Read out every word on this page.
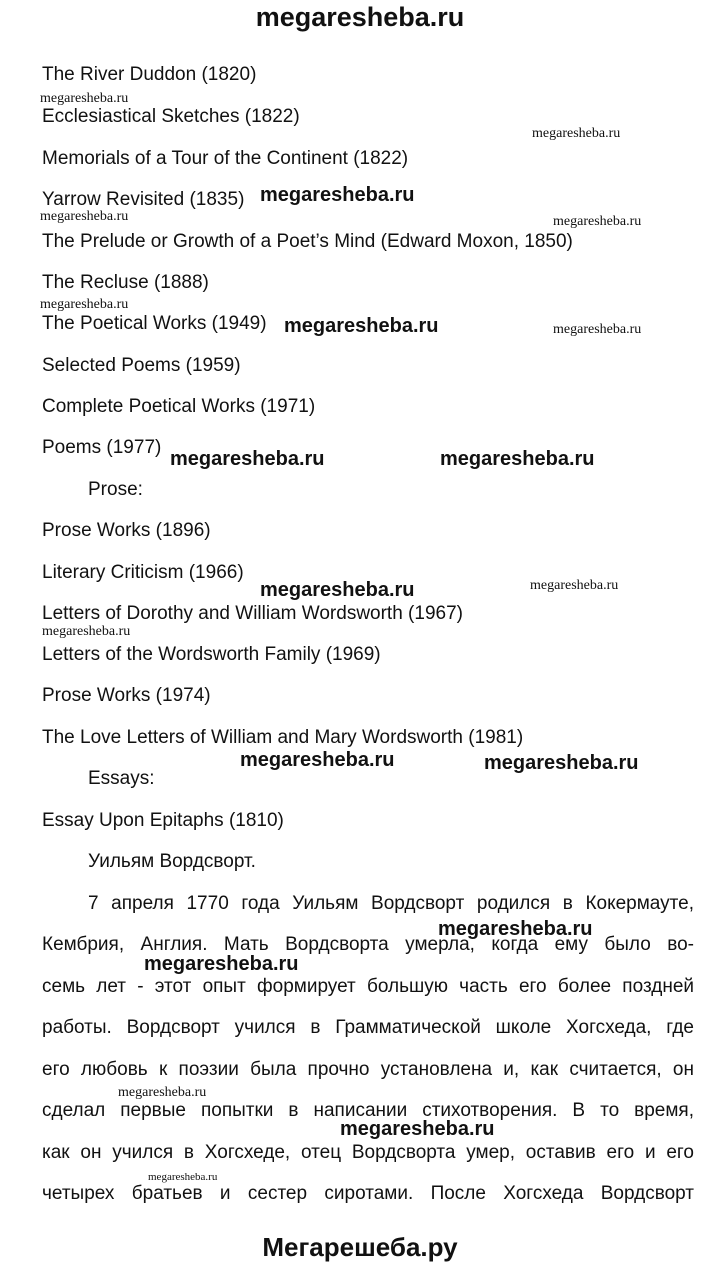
megaresheba.ru
The River Duddon (1820)
Ecclesiastical Sketches (1822)
Memorials of a Tour of the Continent (1822)
Yarrow Revisited (1835)
The Prelude or Growth of a Poet’s Mind (Edward Moxon, 1850)
The Recluse (1888)
The Poetical Works (1949)
Selected Poems (1959)
Complete Poetical Works (1971)
Poems (1977)
Prose:
Prose Works (1896)
Literary Criticism (1966)
Letters of Dorothy and William Wordsworth (1967)
Letters of the Wordsworth Family (1969)
Prose Works (1974)
The Love Letters of William and Mary Wordsworth (1981)
Essays:
Essay Upon Epitaphs (1810)
Уильям Вордсворт.
7 апреля 1770 года Уильям Вордсворт родился в Кокермауте,
Кембрия, Англия. Мать Вордсворта умерла, когда ему было во-
семь лет - этот опыт формирует большую часть его более поздней
работы. Вордсворт учился в Грамматической школе Хогсхеда, где
его любовь к поэзии была прочно установлена и, как считается, он
сделал первые попытки в написании стихотворения. В то время,
как он учился в Хогсхеде, отец Вордсворта умер, оставив его и его
четырех братьев и сестер сиротами. После Хогсхеда Вордсворт
megaresheba.ru
megaresheba.ru
megaresheba.ru
megaresheba.ru	megaresheba.ru
megaresheba.ru
megaresheba.ru	megaresheba.ru
megaresheba.ru	megaresheba.ru
megaresheba.ru	megaresheba.ru
megaresheba.ru
megaresheba.ru	megaresheba.ru
megaresheba.ru
megaresheba.ru
megaresheba.ru
megaresheba.ru
megaresheba.ru
Мегарешеба.ру
